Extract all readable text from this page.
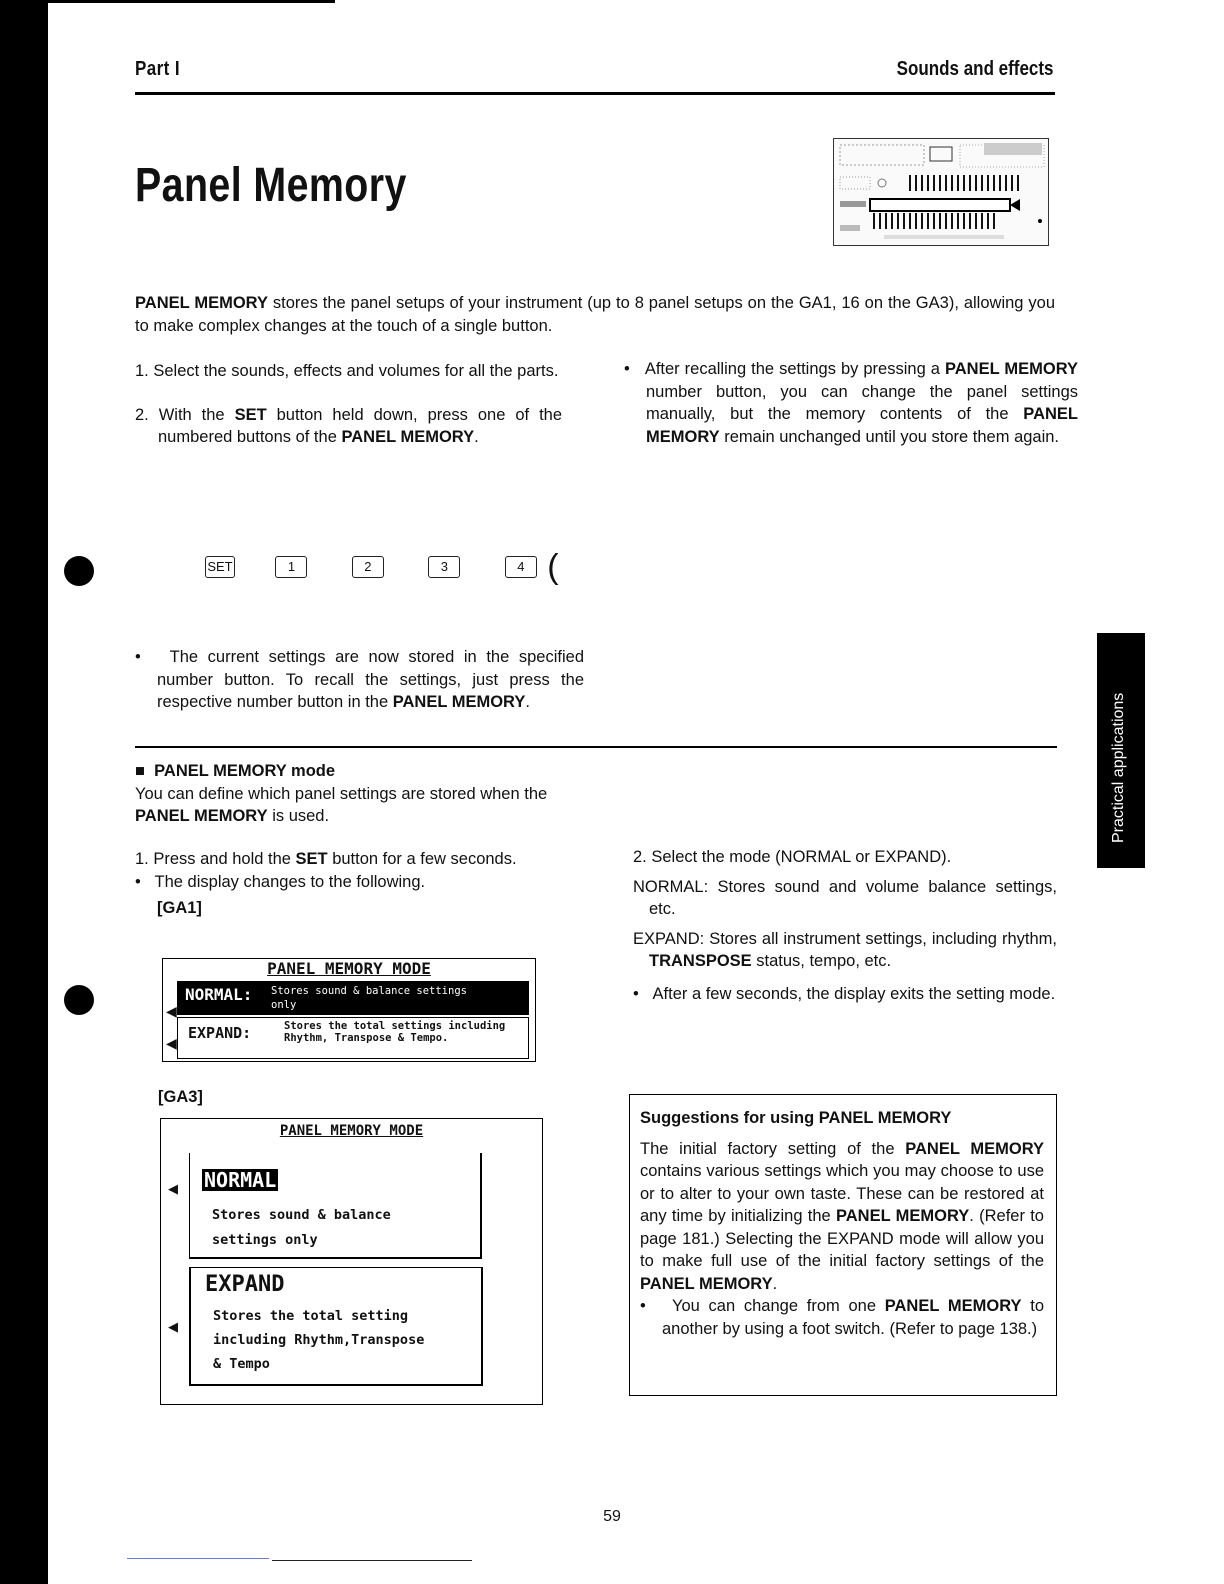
Part I	Sounds and effects
Panel Memory
PANEL MEMORY stores the panel setups of your instrument (up to 8 panel setups on the GA1, 16 on the GA3), allowing you to make complex changes at the touch of a single button.
1. Select the sounds, effects and volumes for all the parts.
2. With the SET button held down, press one of the numbered buttons of the PANEL MEMORY.
•   After recalling the settings by pressing a PANEL MEMORY number button, you can change the panel settings manually, but the memory contents of the PANEL MEMORY remain unchanged until you store them again.
SET	1	2	3	4 (
•   The current settings are now stored in the specified number button. To recall the settings, just press the respective number button in the PANEL MEMORY.
■ PANEL MEMORY mode
You can define which panel settings are stored when the PANEL MEMORY is used.
1. Press and hold the SET button for a few seconds.
•   The display changes to the following.
[GA1]
PANEL MEMORY MODE
NORMAL: Stores sound & balance settings only
EXPAND:	Stores the total settings including Rhythm, Transpose & Tempo.
◀
◀
[GA3]
PANEL MEMORY MODE
NORMAL
Stores sound & balance
settings only
EXPAND
Stores the total setting
including Rhythm,Transpose
& Tempo
◀
◀
2. Select the mode (NORMAL or EXPAND).
NORMAL: Stores sound and volume balance settings, etc.
EXPAND: Stores all instrument settings, including rhythm, TRANSPOSE status, tempo, etc.
•   After a few seconds, the display exits the setting mode.
Suggestions for using PANEL MEMORY
The initial factory setting of the PANEL MEMORY contains various settings which you may choose to use or to alter to your own taste. These can be restored at any time by initializing the PANEL MEMORY. (Refer to page 181.) Selecting the EXPAND mode will allow you to make full use of the initial factory settings of the PANEL MEMORY.
•   You can change from one PANEL MEMORY to another by using a foot switch. (Refer to page 138.)
Practical applications
59
